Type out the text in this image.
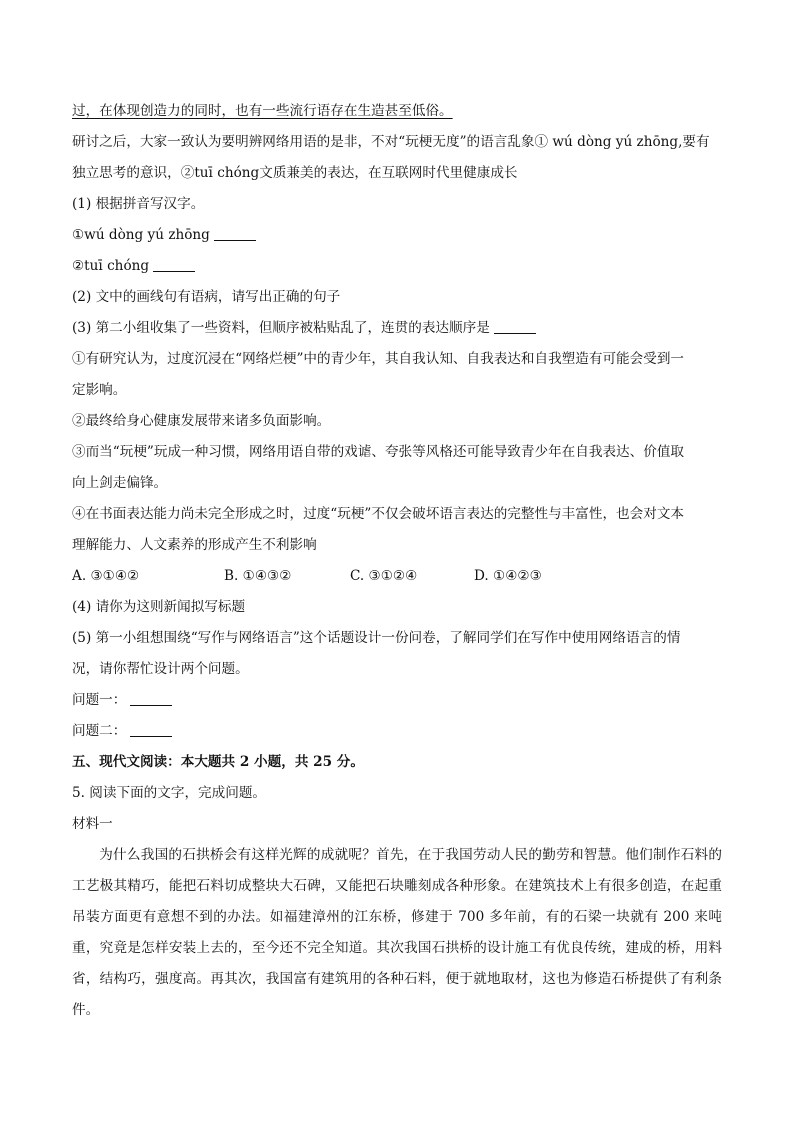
过，在体现创造力的同时，也有一些流行语存在生造甚至低俗。
研讨之后，大家一致认为要明辨网络用语的是非，不对“玩梗无度”的语言乱象① wú dòng yú zhōng,要有
独立思考的意识，②tuī chóng文质兼美的表达，在互联网时代里健康成长
(1) 根据拼音写汉字。
①wú dòng yú zhōng
②tuī chóng
(2) 文中的画线句有语病，请写出正确的句子
(3) 第二小组收集了一些资料，但顺序被粘贴乱了，连贯的表达顺序是
①有研究认为，过度沉浸在“网络烂梗”中的青少年，其自我认知、自我表达和自我塑造有可能会受到一
定影响。
②最终给身心健康发展带来诸多负面影响。
③而当“玩梗”玩成一种习惯，网络用语自带的戏谑、夸张等风格还可能导致青少年在自我表达、价值取
向上剑走偏锋。
④在书面表达能力尚未完全形成之时，过度“玩梗”不仅会破坏语言表达的完整性与丰富性，也会对文本
理解能力、人文素养的形成产生不利影响
A. ③①④②	B. ①④③②	C. ③①②④	D. ①④②③
(4) 请你为这则新闻拟写标题
(5) 第一小组想围绕“写作与网络语言”这个话题设计一份问卷，了解同学们在写作中使用网络语言的情
况，请你帮忙设计两个问题。
问题一：
问题二：
五、现代文阅读：本大题共 2 小题，共 25 分。
5. 阅读下面的文字，完成问题。
材料一
为什么我国的石拱桥会有这样光辉的成就呢？首先，在于我国劳动人民的勤劳和智慧。他们制作石料的工艺极其精巧，能把石料切成整块大石碑，又能把石块雕刻成各种形象。在建筑技术上有很多创造，在起重吊装方面更有意想不到的办法。如福建漳州的江东桥，修建于 700 多年前，有的石梁一块就有 200 来吨重，究竟是怎样安装上去的，至今还不完全知道。其次我国石拱桥的设计施工有优良传统，建成的桥，用料省，结构巧，强度高。再其次，我国富有建筑用的各种石料，便于就地取材，这也为修造石桥提供了有利条件。
